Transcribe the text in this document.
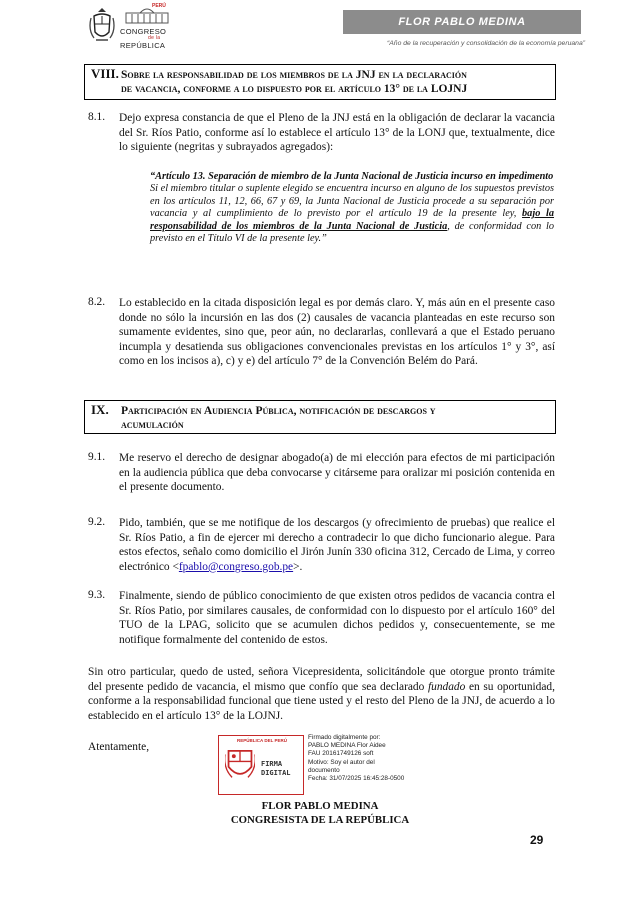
PERÚ
CONGRESO
de la
REPÚBLICA
FLOR PABLO MEDINA
“Año de la recuperación y consolidación de la economía peruana”
VIII. Sobre la responsabilidad de los miembros de la JNJ en la declaración
de vacancia, conforme a lo dispuesto por el artículo 13° de la LOJNJ
8.1. Dejo expresa constancia de que el Pleno de la JNJ está en la obligación de declarar la vacancia del Sr. Ríos Patio, conforme así lo establece el artículo 13° de la LONJ que, textualmente, dice lo siguiente (negritas y subrayados agregados):
“Artículo 13. Separación de miembro de la Junta Nacional de Justicia incurso en impedimento
Si el miembro titular o suplente elegido se encuentra incurso en alguno de los supuestos previstos en los artículos 11, 12, 66, 67 y 69, la Junta Nacional de Justicia procede a su separación por vacancia y al cumplimiento de lo previsto por el artículo 19 de la presente ley, bajo la responsabilidad de los miembros de la Junta Nacional de Justicia, de conformidad con lo previsto en el Título VI de la presente ley.”
8.2. Lo establecido en la citada disposición legal es por demás claro. Y, más aún en el presente caso donde no sólo la incursión en las dos (2) causales de vacancia planteadas en este recurso son sumamente evidentes, sino que, peor aún, no declararlas, conllevará a que el Estado peruano incumpla y desatienda sus obligaciones convencionales previstas en los artículos 1° y 3°, así como en los incisos a), c) y e) del artículo 7° de la Convención Belém do Pará.
IX. Participación en Audiencia Pública, notificación de descargos y
acumulación
9.1. Me reservo el derecho de designar abogado(a) de mi elección para efectos de mi participación en la audiencia pública que deba convocarse y citárseme para oralizar mi posición contenida en el presente documento.
9.2. Pido, también, que se me notifique de los descargos (y ofrecimiento de pruebas) que realice el Sr. Ríos Patio, a fin de ejercer mi derecho a contradecir lo que dicho funcionario alegue. Para estos efectos, señalo como domicilio el Jirón Junín 330 oficina 312, Cercado de Lima, y correo electrónico <fpablo@congreso.gob.pe>.
9.3. Finalmente, siendo de público conocimiento de que existen otros pedidos de vacancia contra el Sr. Ríos Patio, por similares causales, de conformidad con lo dispuesto por el artículo 160° del TUO de la LPAG, solicito que se acumulen dichos pedidos y, consecuentemente, se me notifique formalmente del contenido de estos.
Sin otro particular, quedo de usted, señora Vicepresidenta, solicitándole que otorgue pronto trámite del presente pedido de vacancia, el mismo que confío que sea declarado fundado en su oportunidad, conforme a la responsabilidad funcional que tiene usted y el resto del Pleno de la JNJ, de acuerdo a lo establecido en el artículo 13° de la LOJNJ.
Atentamente,
REPÚBLICA DEL PERÚ
FIRMA
DIGITAL
Firmado digitalmente por:
PABLO MEDINA Flor Aidee
FAU 20161749126 soft
Motivo: Soy el autor del
documento
Fecha: 31/07/2025 16:45:28-0500
FLOR PABLO MEDINA
CONGRESISTA DE LA REPÚBLICA
29
